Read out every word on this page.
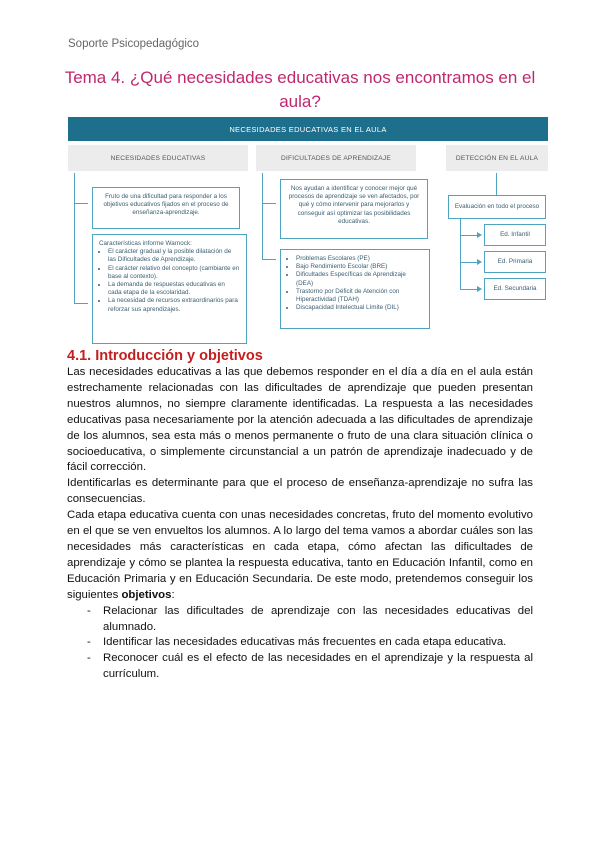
Soporte Psicopedagógico
Tema 4. ¿Qué necesidades educativas nos encontramos en el aula?
NECESIDADES EDUCATIVAS EN EL AULA
NECESIDADES EDUCATIVAS	DIFICULTADES DE APRENDIZAJE	DETECCIÓN EN EL AULA
Fruto de una dificultad para responder a los objetivos educativos fijados en el proceso de enseñanza-aprendizaje.
Características informe Warnock:
• El carácter gradual y la posible dilatación de las Dificultades de Aprendizaje.
• El carácter relativo del concepto (cambiante en base al contexto).
• La demanda de respuestas educativas en cada etapa de la escolaridad.
• La necesidad de recursos extraordinarios para reforzar sus aprendizajes.
Nos ayudan a identificar y conocer mejor qué procesos de aprendizaje se ven afectados, por qué y cómo intervenir para mejorarlos y conseguir así optimizar las posibilidades educativas.
• Problemas Escolares (PE)
• Bajo Rendimiento Escolar (BRE)
• Dificultades Específicas de Aprendizaje (DEA)
• Trastorno por Déficit de Atención con Hiperactividad (TDAH)
• Discapacidad Intelectual Límite (DIL)
Evaluación en todo el proceso
Ed. Infantil
Ed. Primaria
Ed. Secundaria
4.1. Introducción y objetivos

Las necesidades educativas a las que debemos responder en el día a día en el aula están estrechamente relacionadas con las dificultades de aprendizaje que pueden presentan nuestros alumnos, no siempre claramente identificadas. La respuesta a las necesidades educativas pasa necesariamente por la atención adecuada a las dificultades de aprendizaje de los alumnos, sea esta más o menos permanente o fruto de una clara situación clínica o socioeducativa, o simplemente circunstancial a un patrón de aprendizaje inadecuado y de fácil corrección.

Identificarlas es determinante para que el proceso de enseñanza-aprendizaje no sufra las consecuencias.

Cada etapa educativa cuenta con unas necesidades concretas, fruto del momento evolutivo en el que se ven envueltos los alumnos. A lo largo del tema vamos a abordar cuáles son las necesidades más características en cada etapa, cómo afectan las dificultades de aprendizaje y cómo se plantea la respuesta educativa, tanto en Educación Infantil, como en Educación Primaria y en Educación Secundaria. De este modo, pretendemos conseguir los siguientes objetivos:

- Relacionar las dificultades de aprendizaje con las necesidades educativas del alumnado.
- Identificar las necesidades educativas más frecuentes en cada etapa educativa.
- Reconocer cuál es el efecto de las necesidades en el aprendizaje y la respuesta al currículum.
